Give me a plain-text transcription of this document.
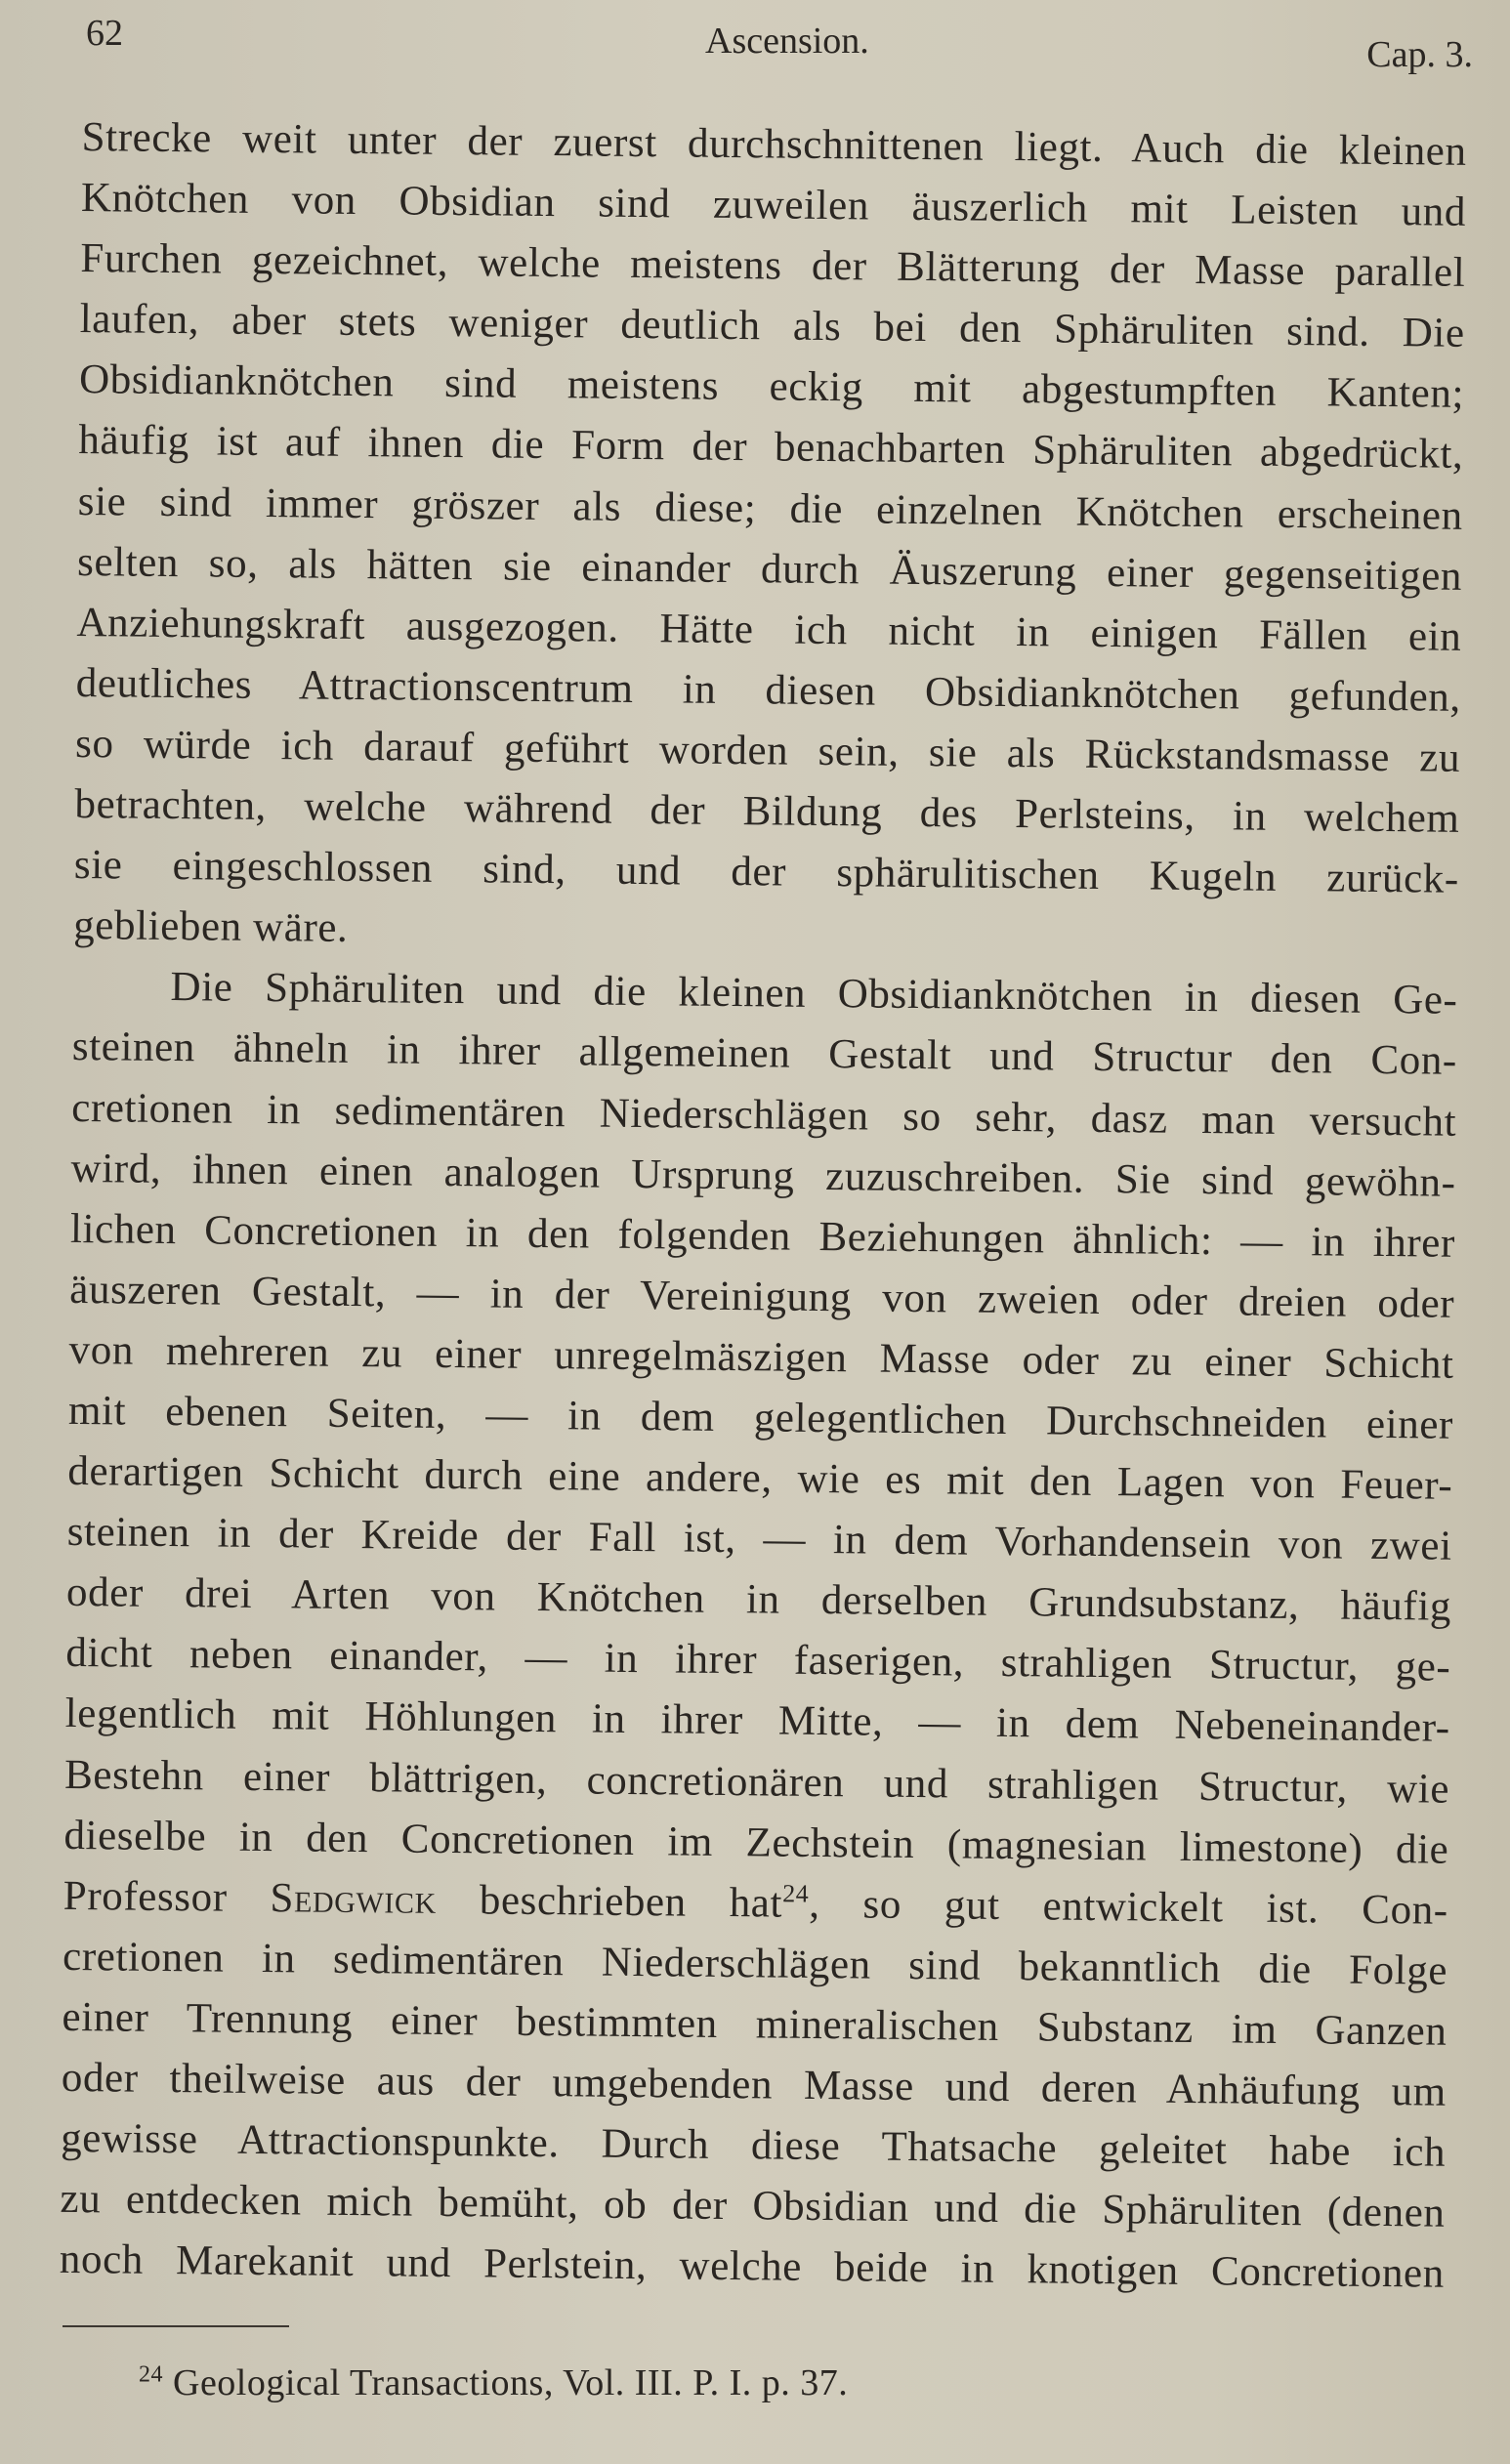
62	Ascension.	Cap. 3.
Strecke weit unter der zuerst durchschnittenen liegt. Auch die kleinen
Knötchen von Obsidian sind zuweilen äuszerlich mit Leisten und
Furchen gezeichnet, welche meistens der Blätterung der Masse parallel
laufen, aber stets weniger deutlich als bei den Sphäruliten sind. Die
Obsidianknötchen sind meistens eckig mit abgestumpften Kanten;
häufig ist auf ihnen die Form der benachbarten Sphäruliten abgedrückt,
sie sind immer gröszer als diese; die einzelnen Knötchen erscheinen
selten so, als hätten sie einander durch Äuszerung einer gegenseitigen
Anziehungskraft ausgezogen. Hätte ich nicht in einigen Fällen ein
deutliches Attractionscentrum in diesen Obsidianknötchen gefunden,
so würde ich darauf geführt worden sein, sie als Rückstandsmasse zu
betrachten, welche während der Bildung des Perlsteins, in welchem
sie eingeschlossen sind, und der sphärulitischen Kugeln zurück-
geblieben wäre.
Die Sphäruliten und die kleinen Obsidianknötchen in diesen Ge-
steinen ähneln in ihrer allgemeinen Gestalt und Structur den Con-
cretionen in sedimentären Niederschlägen so sehr, dasz man versucht
wird, ihnen einen analogen Ursprung zuzuschreiben. Sie sind gewöhn-
lichen Concretionen in den folgenden Beziehungen ähnlich: — in ihrer
äuszeren Gestalt, — in der Vereinigung von zweien oder dreien oder
von mehreren zu einer unregelmäszigen Masse oder zu einer Schicht
mit ebenen Seiten, — in dem gelegentlichen Durchschneiden einer
derartigen Schicht durch eine andere, wie es mit den Lagen von Feuer-
steinen in der Kreide der Fall ist, — in dem Vorhandensein von zwei
oder drei Arten von Knötchen in derselben Grundsubstanz, häufig
dicht neben einander, — in ihrer faserigen, strahligen Structur, ge-
legentlich mit Höhlungen in ihrer Mitte, — in dem Nebeneinander-
Bestehn einer blättrigen, concretionären und strahligen Structur, wie
dieselbe in den Concretionen im Zechstein (magnesian limestone) die
Professor Sedgwick beschrieben hat$^{24}$, so gut entwickelt ist. Con-
cretionen in sedimentären Niederschlägen sind bekanntlich die Folge
einer Trennung einer bestimmten mineralischen Substanz im Ganzen
oder theilweise aus der umgebenden Masse und deren Anhäufung um
gewisse Attractionspunkte. Durch diese Thatsache geleitet habe ich
zu entdecken mich bemüht, ob der Obsidian und die Sphäruliten (denen
noch Marekanit und Perlstein, welche beide in knotigen Concretionen
$^{24}$ Geological Transactions, Vol. III. P. I. p. 37.
